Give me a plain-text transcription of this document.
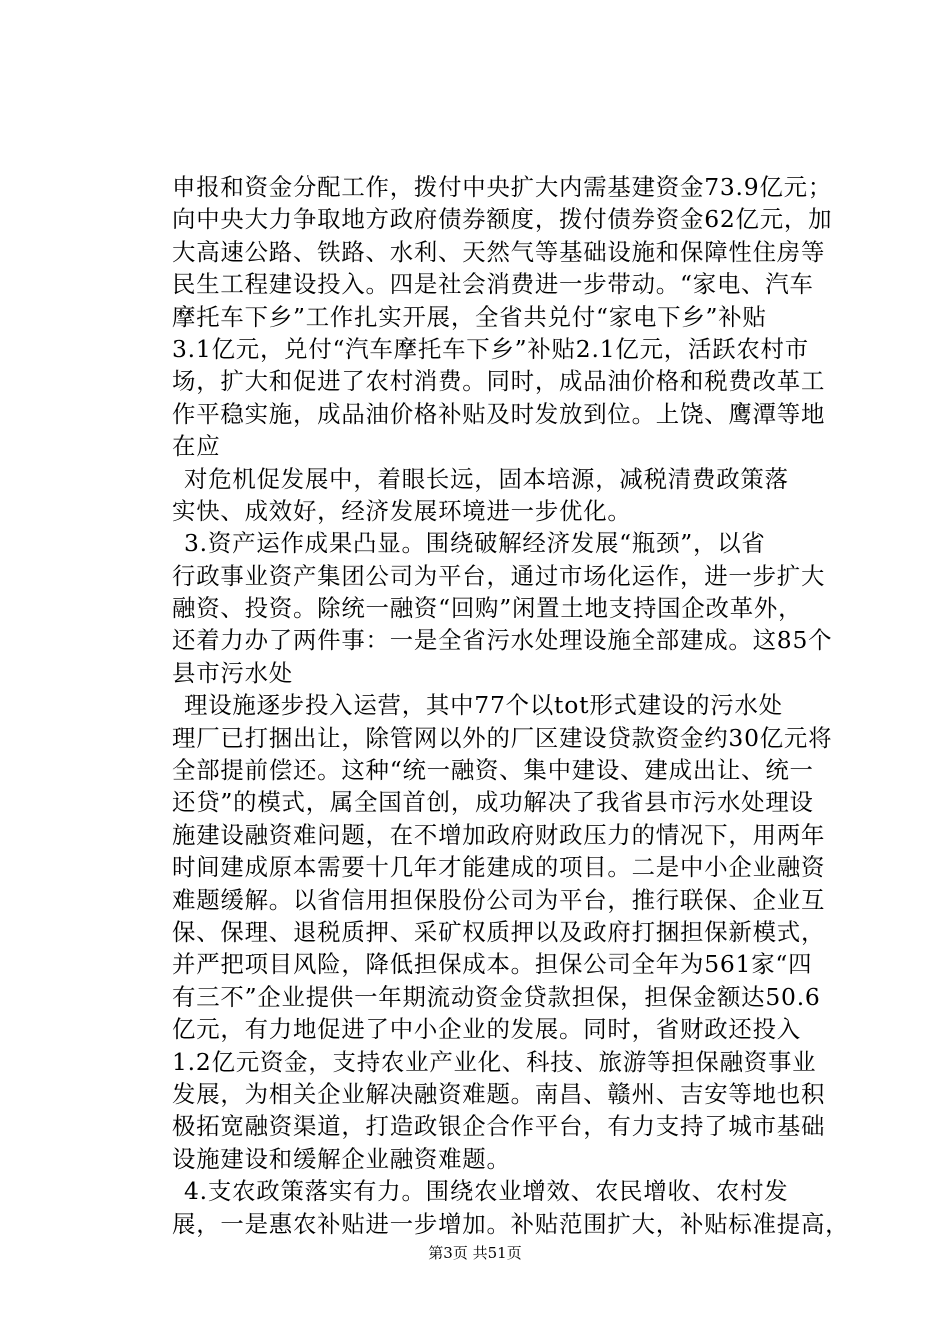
申报和资金分配工作，拨付中央扩大内需基建资金73.9亿元；
向中央大力争取地方政府债券额度，拨付债券资金62亿元，加
大高速公路、铁路、水利、天然气等基础设施和保障性住房等
民生工程建设投入。四是社会消费进一步带动。“家电、汽车
摩托车下乡”工作扎实开展，全省共兑付“家电下乡”补贴
3.1亿元，兑付“汽车摩托车下乡”补贴2.1亿元，活跃农村市
场，扩大和促进了农村消费。同时，成品油价格和税费改革工
作平稳实施，成品油价格补贴及时发放到位。上饶、鹰潭等地
在应
对危机促发展中，着眼长远，固本培源，减税清费政策落
实快、成效好，经济发展环境进一步优化。
3.资产运作成果凸显。围绕破解经济发展“瓶颈”，以省
行政事业资产集团公司为平台，通过市场化运作，进一步扩大
融资、投资。除统一融资“回购”闲置土地支持国企改革外，
还着力办了两件事：一是全省污水处理设施全部建成。这85个
县市污水处
理设施逐步投入运营，其中77个以tot形式建设的污水处
理厂已打捆出让，除管网以外的厂区建设贷款资金约30亿元将
全部提前偿还。这种“统一融资、集中建设、建成出让、统一
还贷”的模式，属全国首创，成功解决了我省县市污水处理设
施建设融资难问题，在不增加政府财政压力的情况下，用两年
时间建成原本需要十几年才能建成的项目。二是中小企业融资
难题缓解。以省信用担保股份公司为平台，推行联保、企业互
保、保理、退税质押、采矿权质押以及政府打捆担保新模式，
并严把项目风险，降低担保成本。担保公司全年为561家“四
有三不”企业提供一年期流动资金贷款担保，担保金额达50.6
亿元，有力地促进了中小企业的发展。同时，省财政还投入
1.2亿元资金，支持农业产业化、科技、旅游等担保融资事业
发展，为相关企业解决融资难题。南昌、赣州、吉安等地也积
极拓宽融资渠道，打造政银企合作平台，有力支持了城市基础
设施建设和缓解企业融资难题。
4.支农政策落实有力。围绕农业增效、农民增收、农村发
展，一是惠农补贴进一步增加。补贴范围扩大，补贴标准提高，
第3页 共51页
